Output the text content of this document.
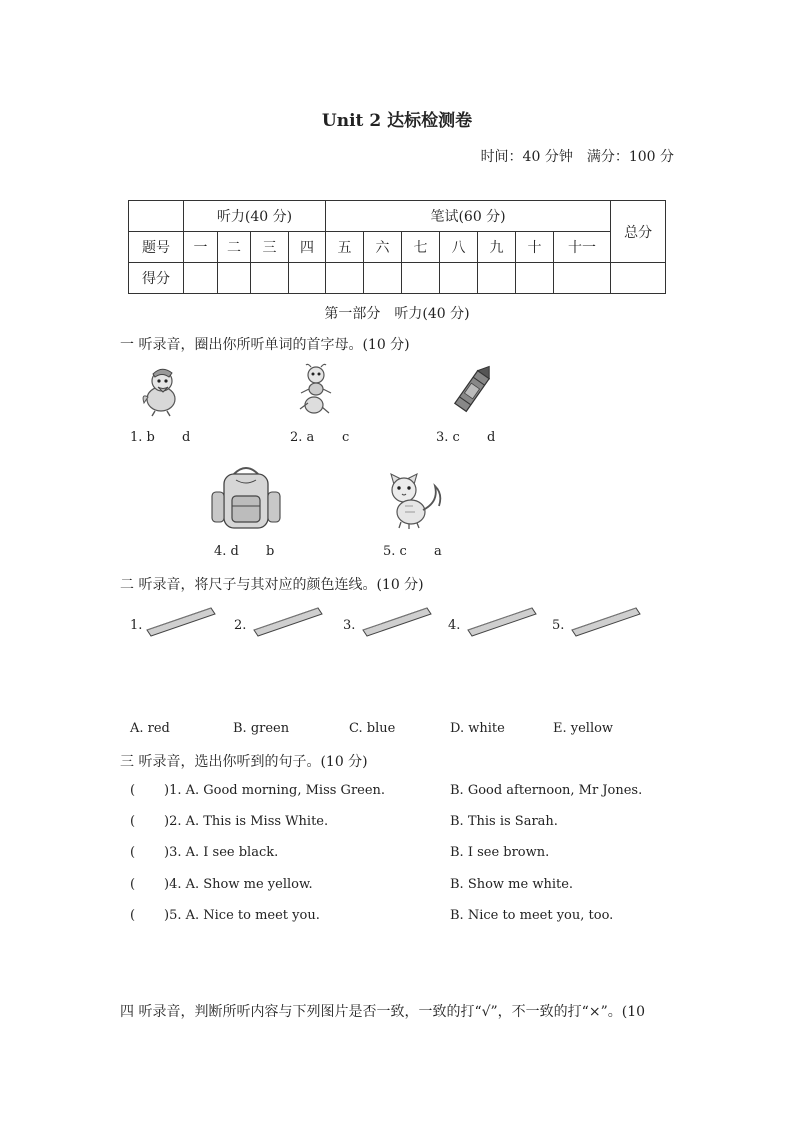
Unit 2 达标检测卷
时间：40 分钟　满分：100 分
	听力(40 分)				笔试(60 分)							总分
题号	一	二	三	四	五	六	七	八	九	十	十一	
得分												
第一部分　听力(40 分)
一 听录音，圈出你所听单词的首字母。(10 分)
1. b d	2. a c	3. c d
4. d b	5. c a
二 听录音，将尺子与其对应的颜色连线。(10 分)
1.	2.	3.	4.	5.
A. red	B. green	C. blue	D. white	E. yellow
三 听录音，选出你听到的句子。(10 分)
( )1. A. Good morning, Miss Green.	B. Good afternoon, Mr Jones.
( )2. A. This is Miss White.	B. This is Sarah.
( )3. A. I see black.	B. I see brown.
( )4. A. Show me yellow.	B. Show me white.
( )5. A. Nice to meet you.	B. Nice to meet you, too.
四 听录音，判断所听内容与下列图片是否一致，一致的打“√”，不一致的打“×”。(10
